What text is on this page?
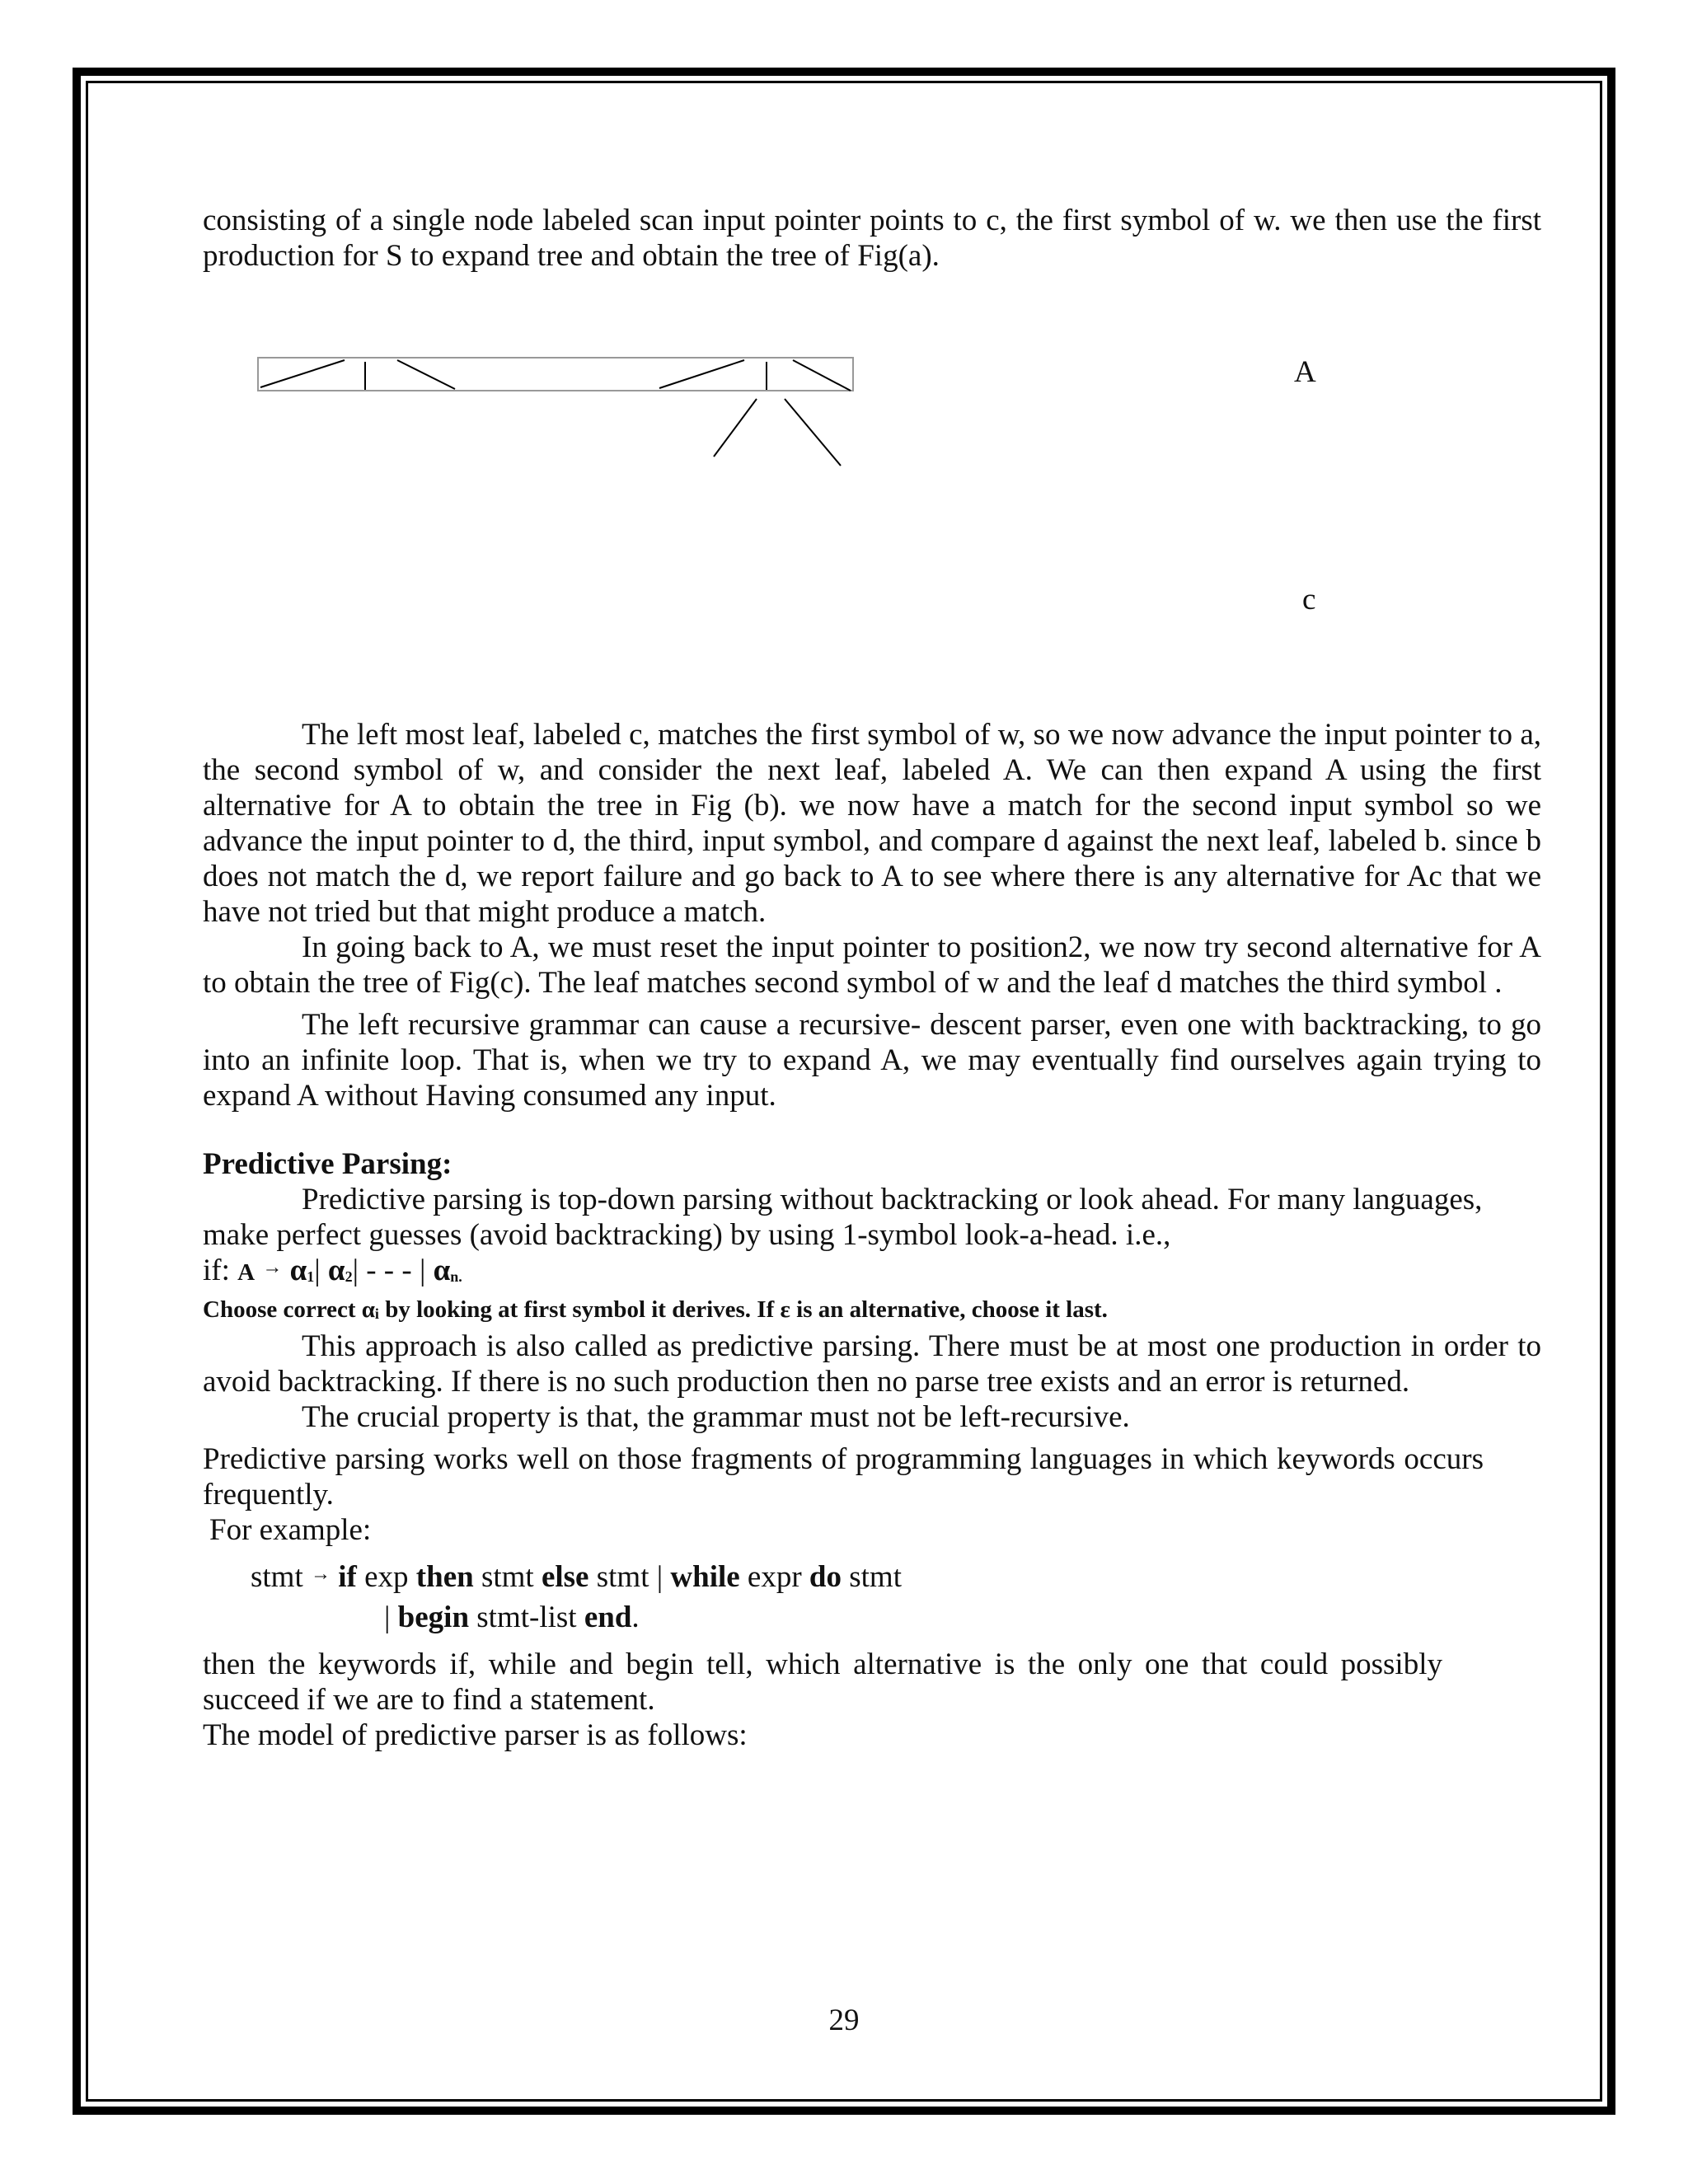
consisting of a single node labeled scan input pointer points to c, the first symbol of w. we then use the first production for S to expand tree and obtain the tree of Fig(a).

A
c

The left most leaf, labeled c, matches the first symbol of w, so we now advance the input pointer to a, the second symbol of w, and consider the next leaf, labeled A. We can then expand A using the first alternative for A to obtain the tree in Fig (b). we now have a match for the second input symbol so we advance the input pointer to d, the third, input symbol, and compare d against the next leaf, labeled b. since b does not match the d, we report failure and go back to A to see where there is any alternative for Ac that we have not tried but that might produce a match.

In going back to A, we must reset the input pointer to position2, we now try second alternative for A to obtain the tree of Fig(c). The leaf matches second symbol of w and the leaf d matches the third symbol .

The left recursive grammar can cause a recursive- descent parser, even one with backtracking, to go into an infinite loop. That is, when we try to expand A, we may eventually find ourselves again trying to expand A without Having consumed any input.

Predictive Parsing:

Predictive parsing is top-down parsing without backtracking or look ahead. For many languages, make perfect guesses (avoid backtracking) by using 1-symbol look-a-head. i.e.,

if: A → α1| α2| - - - | αn.
Choose correct αi by looking at first symbol it derives. If ε is an alternative, choose it last.

This approach is also called as predictive parsing. There must be at most one production in order to avoid backtracking. If there is no such production then no parse tree exists and an error is returned.

The crucial property is that, the grammar must not be left-recursive.

Predictive parsing works well on those fragments of programming languages in which keywords occurs frequently.

For example:

stmt → if exp then stmt else stmt | while expr do stmt
| begin stmt-list end.

then the keywords if, while and begin tell, which alternative is the only one that could possibly succeed if we are to find a statement.

The model of predictive parser is as follows:

29
